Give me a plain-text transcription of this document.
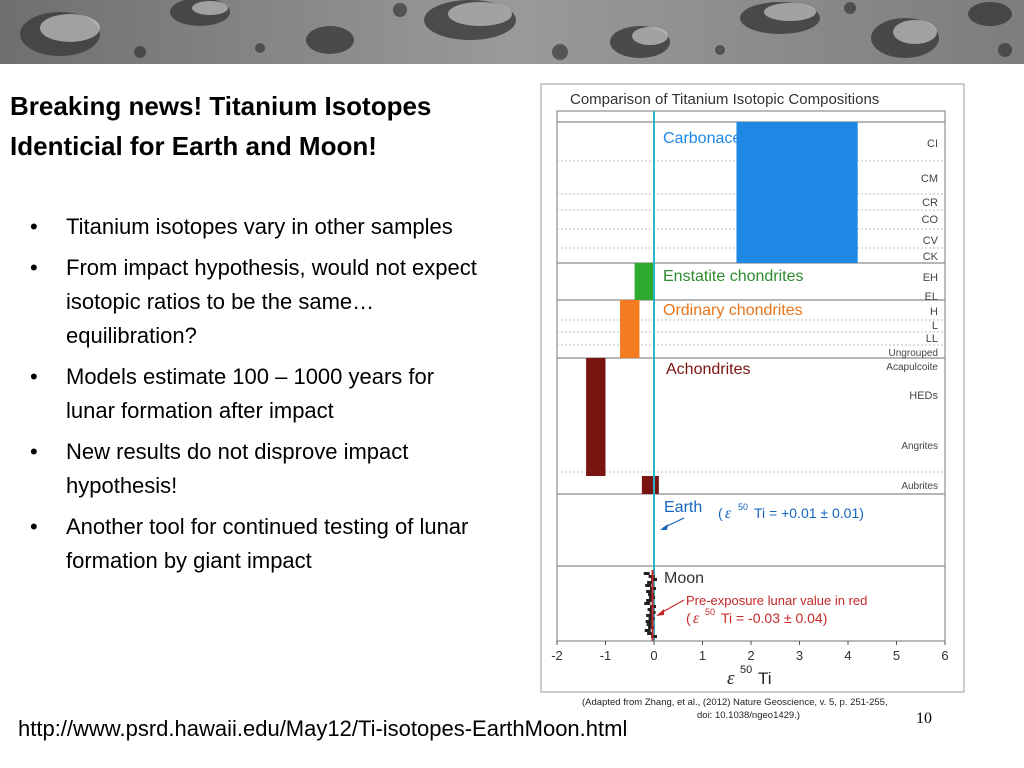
Breaking news! Titanium Isotopes Identicial for Earth and Moon!
• Titanium isotopes vary in other samples
• From impact hypothesis, would not expect isotopic ratios to be the same…equilibration?
• Models estimate 100 – 1000 years for lunar formation after impact
• New results do not disprove impact hypothesis!
• Another tool for continued testing of lunar formation by giant impact
Comparison of Titanium Isotopic Compositions
CI
CM
CR
CO
CV
CK
EH
EL
H
L
LL
Ungrouped
Acapulcoite
HEDs
Angrites
Aubrites
Carbonaceous chondrites
Enstatite chondrites
Ordinary chondrites
Achondrites
Earth ( ε 50 Ti = +0.01 ± 0.01)
Moon
Pre-exposure lunar value in red
( ε 50 Ti = -0.03 ± 0.04)
-2	-1	0	1	2	3	4	5	6
ε 50 Ti
(Adapted from Zhang, et al., (2012) Nature Geoscience, v. 5, p. 251-255,
doi: 10.1038/ngeo1429.)
http://www.psrd.hawaii.edu/May12/Ti-isotopes-EarthMoon.html	10
